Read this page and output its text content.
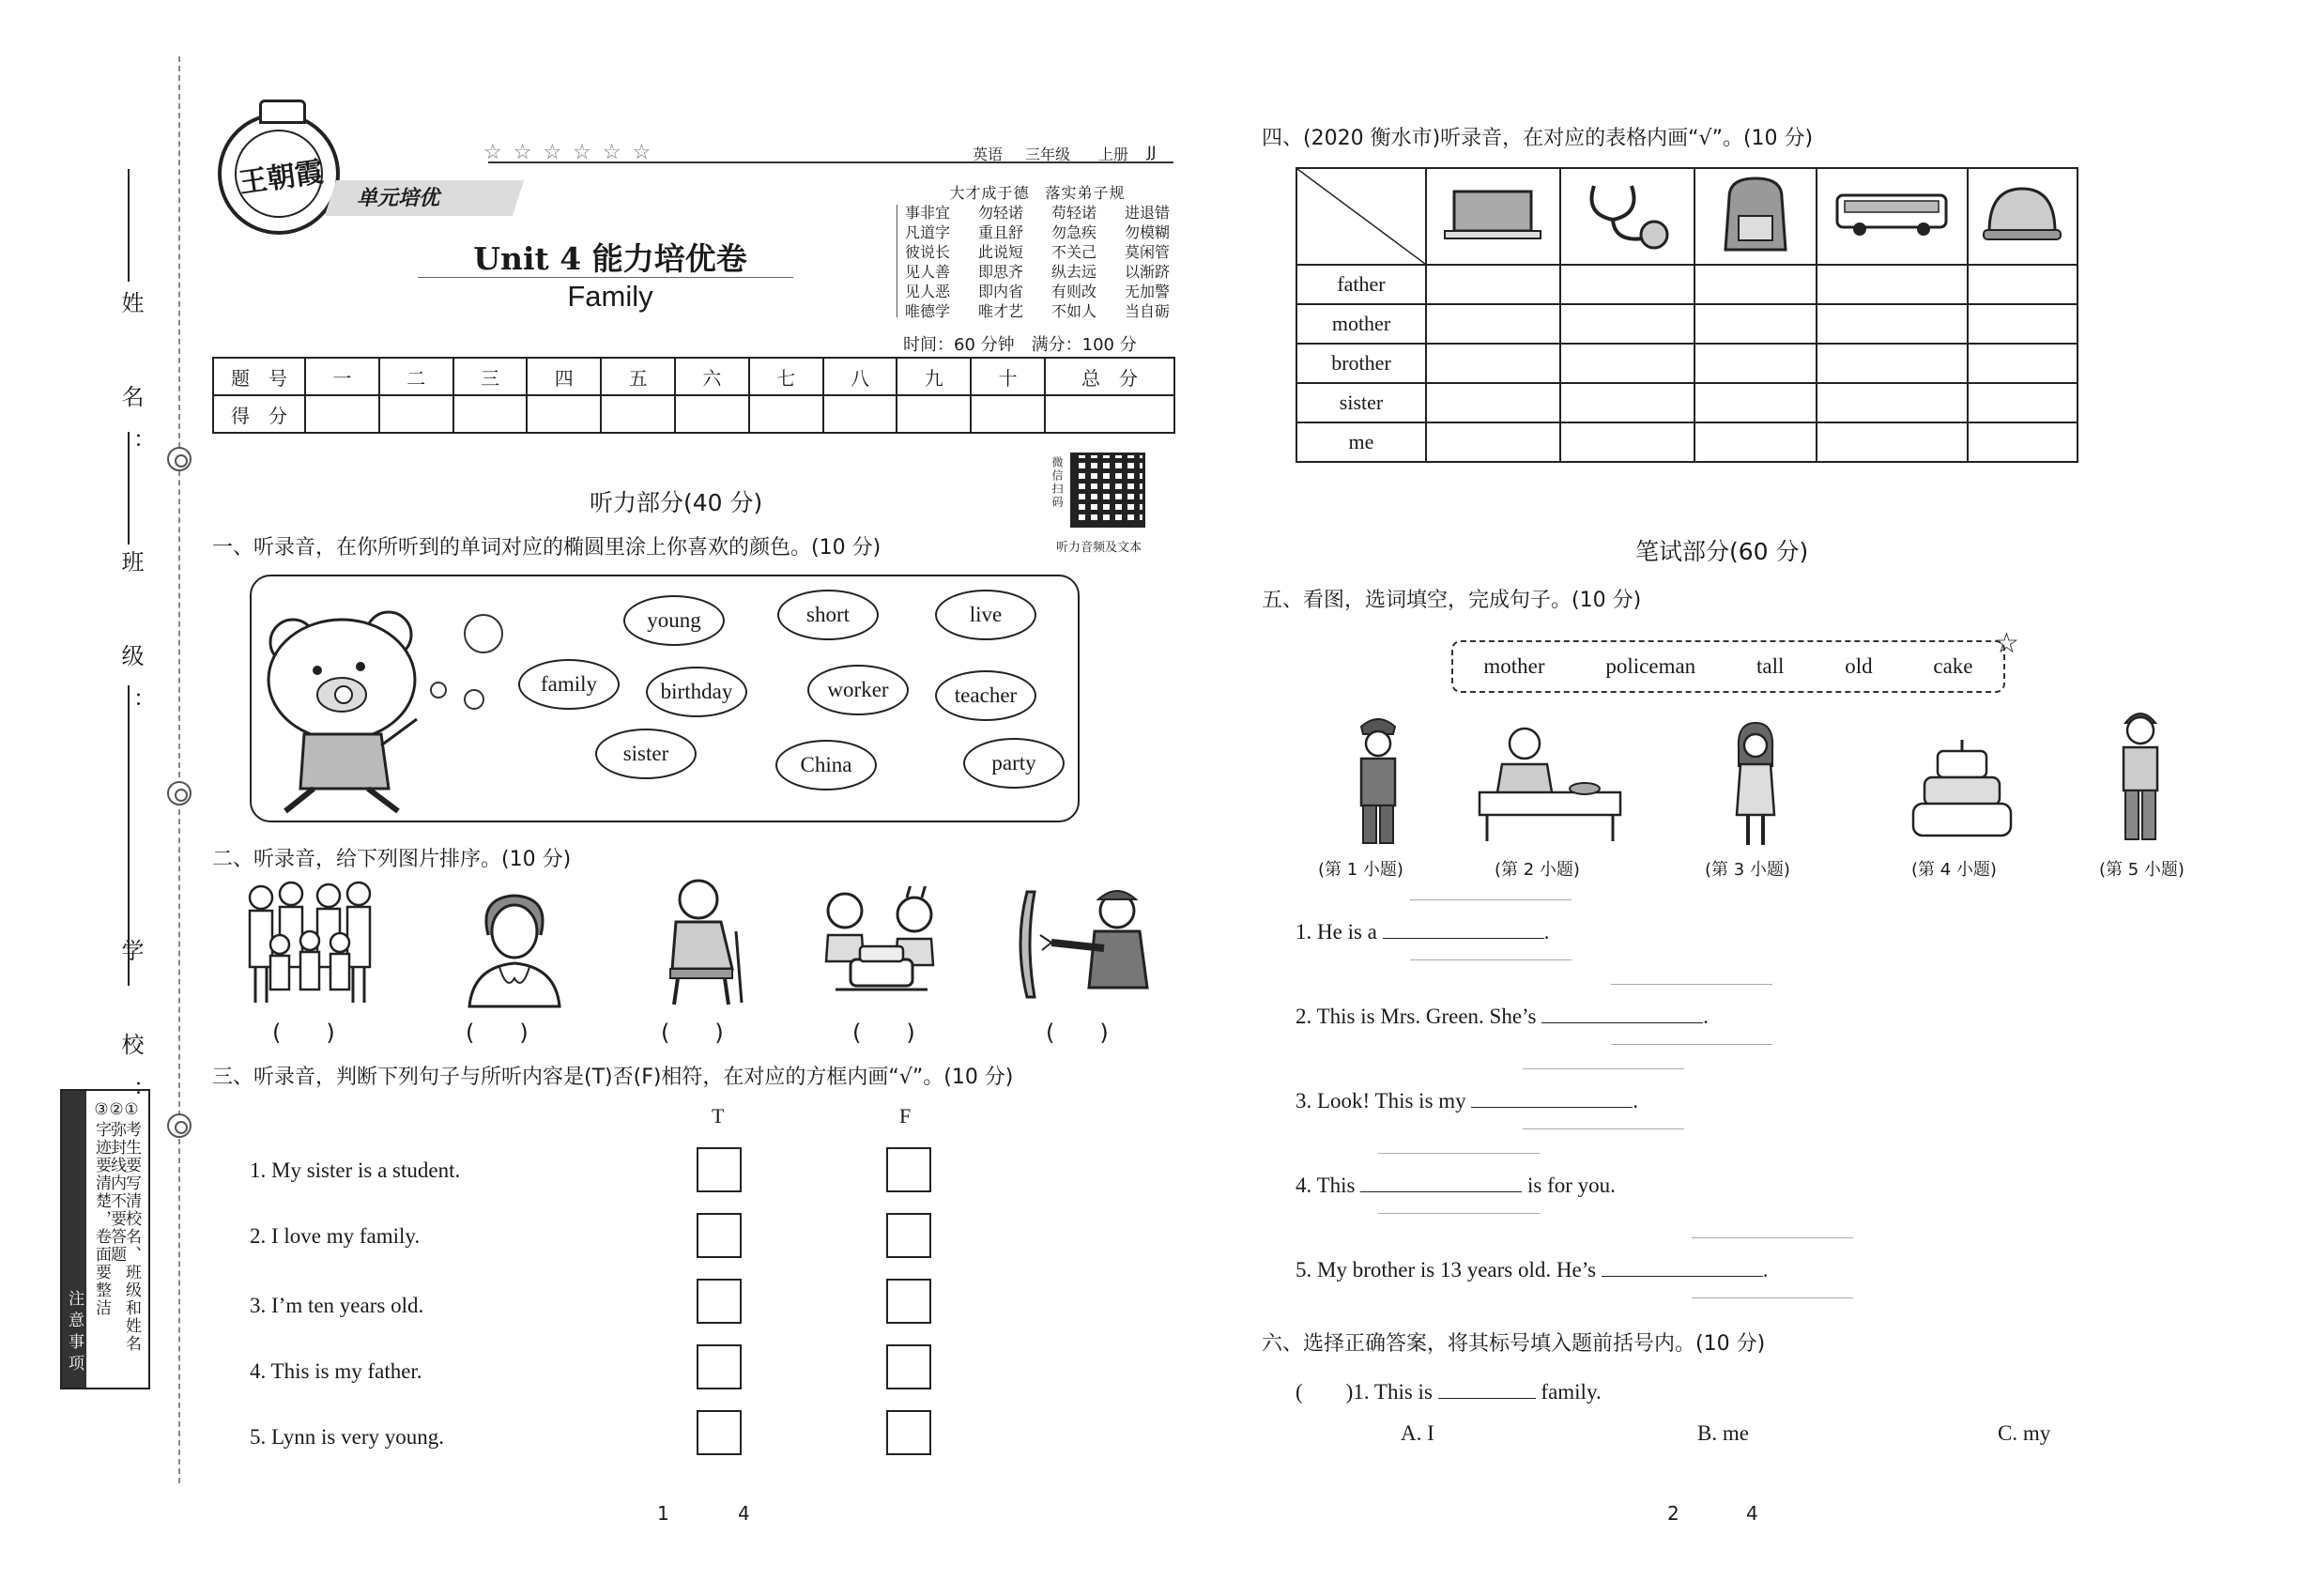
姓　名：
班　级：
学　校：
注意事项 ①考生要写清校名、班级和姓名
②弥封线内不要答题
③字迹要清楚，卷面要整洁
王朝霞 单元培优
☆☆☆☆☆☆	英语 三年级 上册 JJ
Unit 4 能力培优卷
Family
大才成于德　落实弟子规
事非宜 勿轻诺 苟轻诺 进退错
凡道字 重且舒 勿急疾 勿模糊
彼说长 此说短 不关己 莫闲管
见人善 即思齐 纵去远 以渐跻
见人恶 即内省 有则改 无加警
唯德学 唯才艺 不如人 当自砺
时间：60 分钟　 满分：100 分
题　号	一	二	三	四	五	六	七	八	九	十	总　分
得　分											
听力部分(40 分)	微信扫码
听力音频及文本
一、听录音，在你所听到的单词对应的椭圆里涂上你喜欢的颜色。(10 分)
young	short	live
family	birthday	worker	teacher
sister	China	party
二、听录音，给下列图片排序。(10 分)
(　　)	(　　)	(　　)	(　　)	(　　)
三、听录音，判断下列句子与所听内容是(T)否(F)相符，在对应的方框内画“√”。(10 分)
T	F
1. My sister is a student.
2. I love my family.
3. I’m ten years old.
4. This is my father.
5. Lynn is very young.
1	4
四、(2020 衡水市)听录音，在对应的表格内画“√”。(10 分)

father					
mother					
brother					
sister					
me					
笔试部分(60 分)
五、看图，选词填空，完成句子。(10 分)
mother	policeman	tall	old	cake
☆
(第 1 小题)	(第 2 小题)	(第 3 小题)	(第 4 小题)	(第 5 小题)
1. He is a	.
2. This is Mrs. Green. She’s	.
3. Look! This is my	.
4. This	is for you.
5. My brother is 13 years old. He’s	.
六、选择正确答案，将其标号填入题前括号内。(10 分)
(　　)1. This is	family.
A. I	B. me	C. my
2	4
